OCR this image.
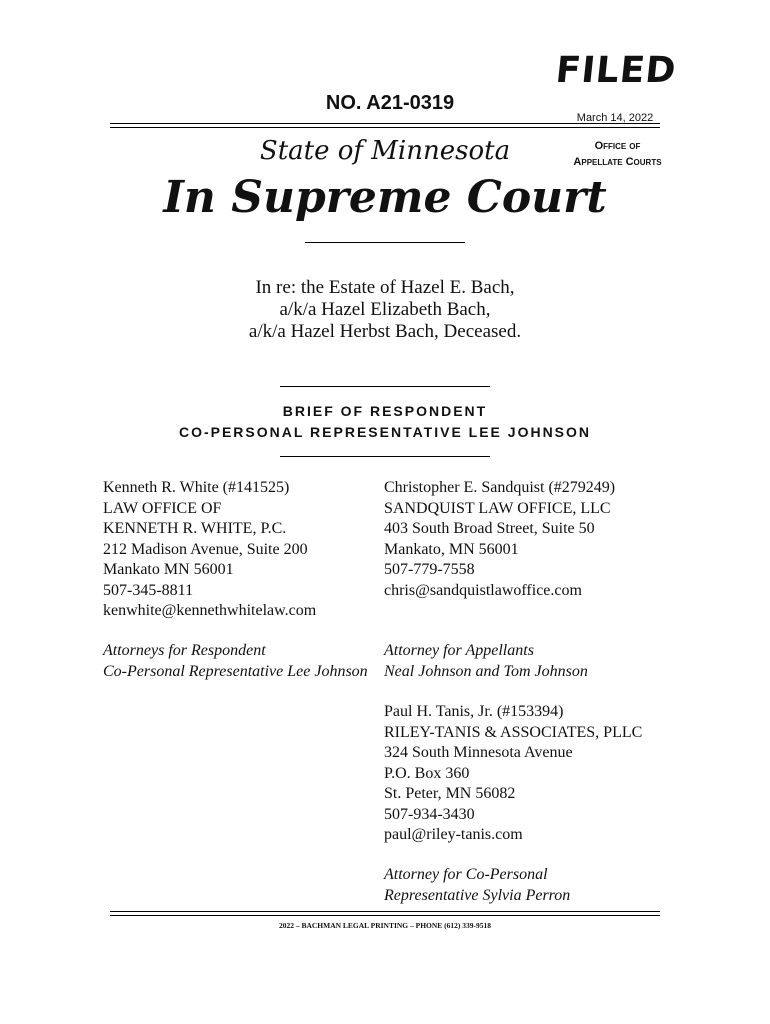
NO. A21-0319
FILED
March 14, 2022
Office of
Appellate Courts
State of Minnesota
In Supreme Court
In re: the Estate of Hazel E. Bach,
a/k/a Hazel Elizabeth Bach,
a/k/a Hazel Herbst Bach, Deceased.
BRIEF OF RESPONDENT
CO-PERSONAL REPRESENTATIVE LEE JOHNSON
Kenneth R. White (#141525)
LAW OFFICE OF
KENNETH R. WHITE, P.C.
212 Madison Avenue, Suite 200
Mankato MN 56001
507-345-8811
kenwhite@kennethwhitelaw.com
Attorneys for Respondent
Co-Personal Representative Lee Johnson
Christopher E. Sandquist (#279249)
SANDQUIST LAW OFFICE, LLC
403 South Broad Street, Suite 50
Mankato, MN 56001
507-779-7558
chris@sandquistlawoffice.com
Attorney for Appellants
Neal Johnson and Tom Johnson
Paul H. Tanis, Jr. (#153394)
RILEY-TANIS & ASSOCIATES, PLLC
324 South Minnesota Avenue
P.O. Box 360
St. Peter, MN 56082
507-934-3430
paul@riley-tanis.com
Attorney for Co-Personal
Representative Sylvia Perron
2022 – BACHMAN LEGAL PRINTING – PHONE (612) 339-9518
